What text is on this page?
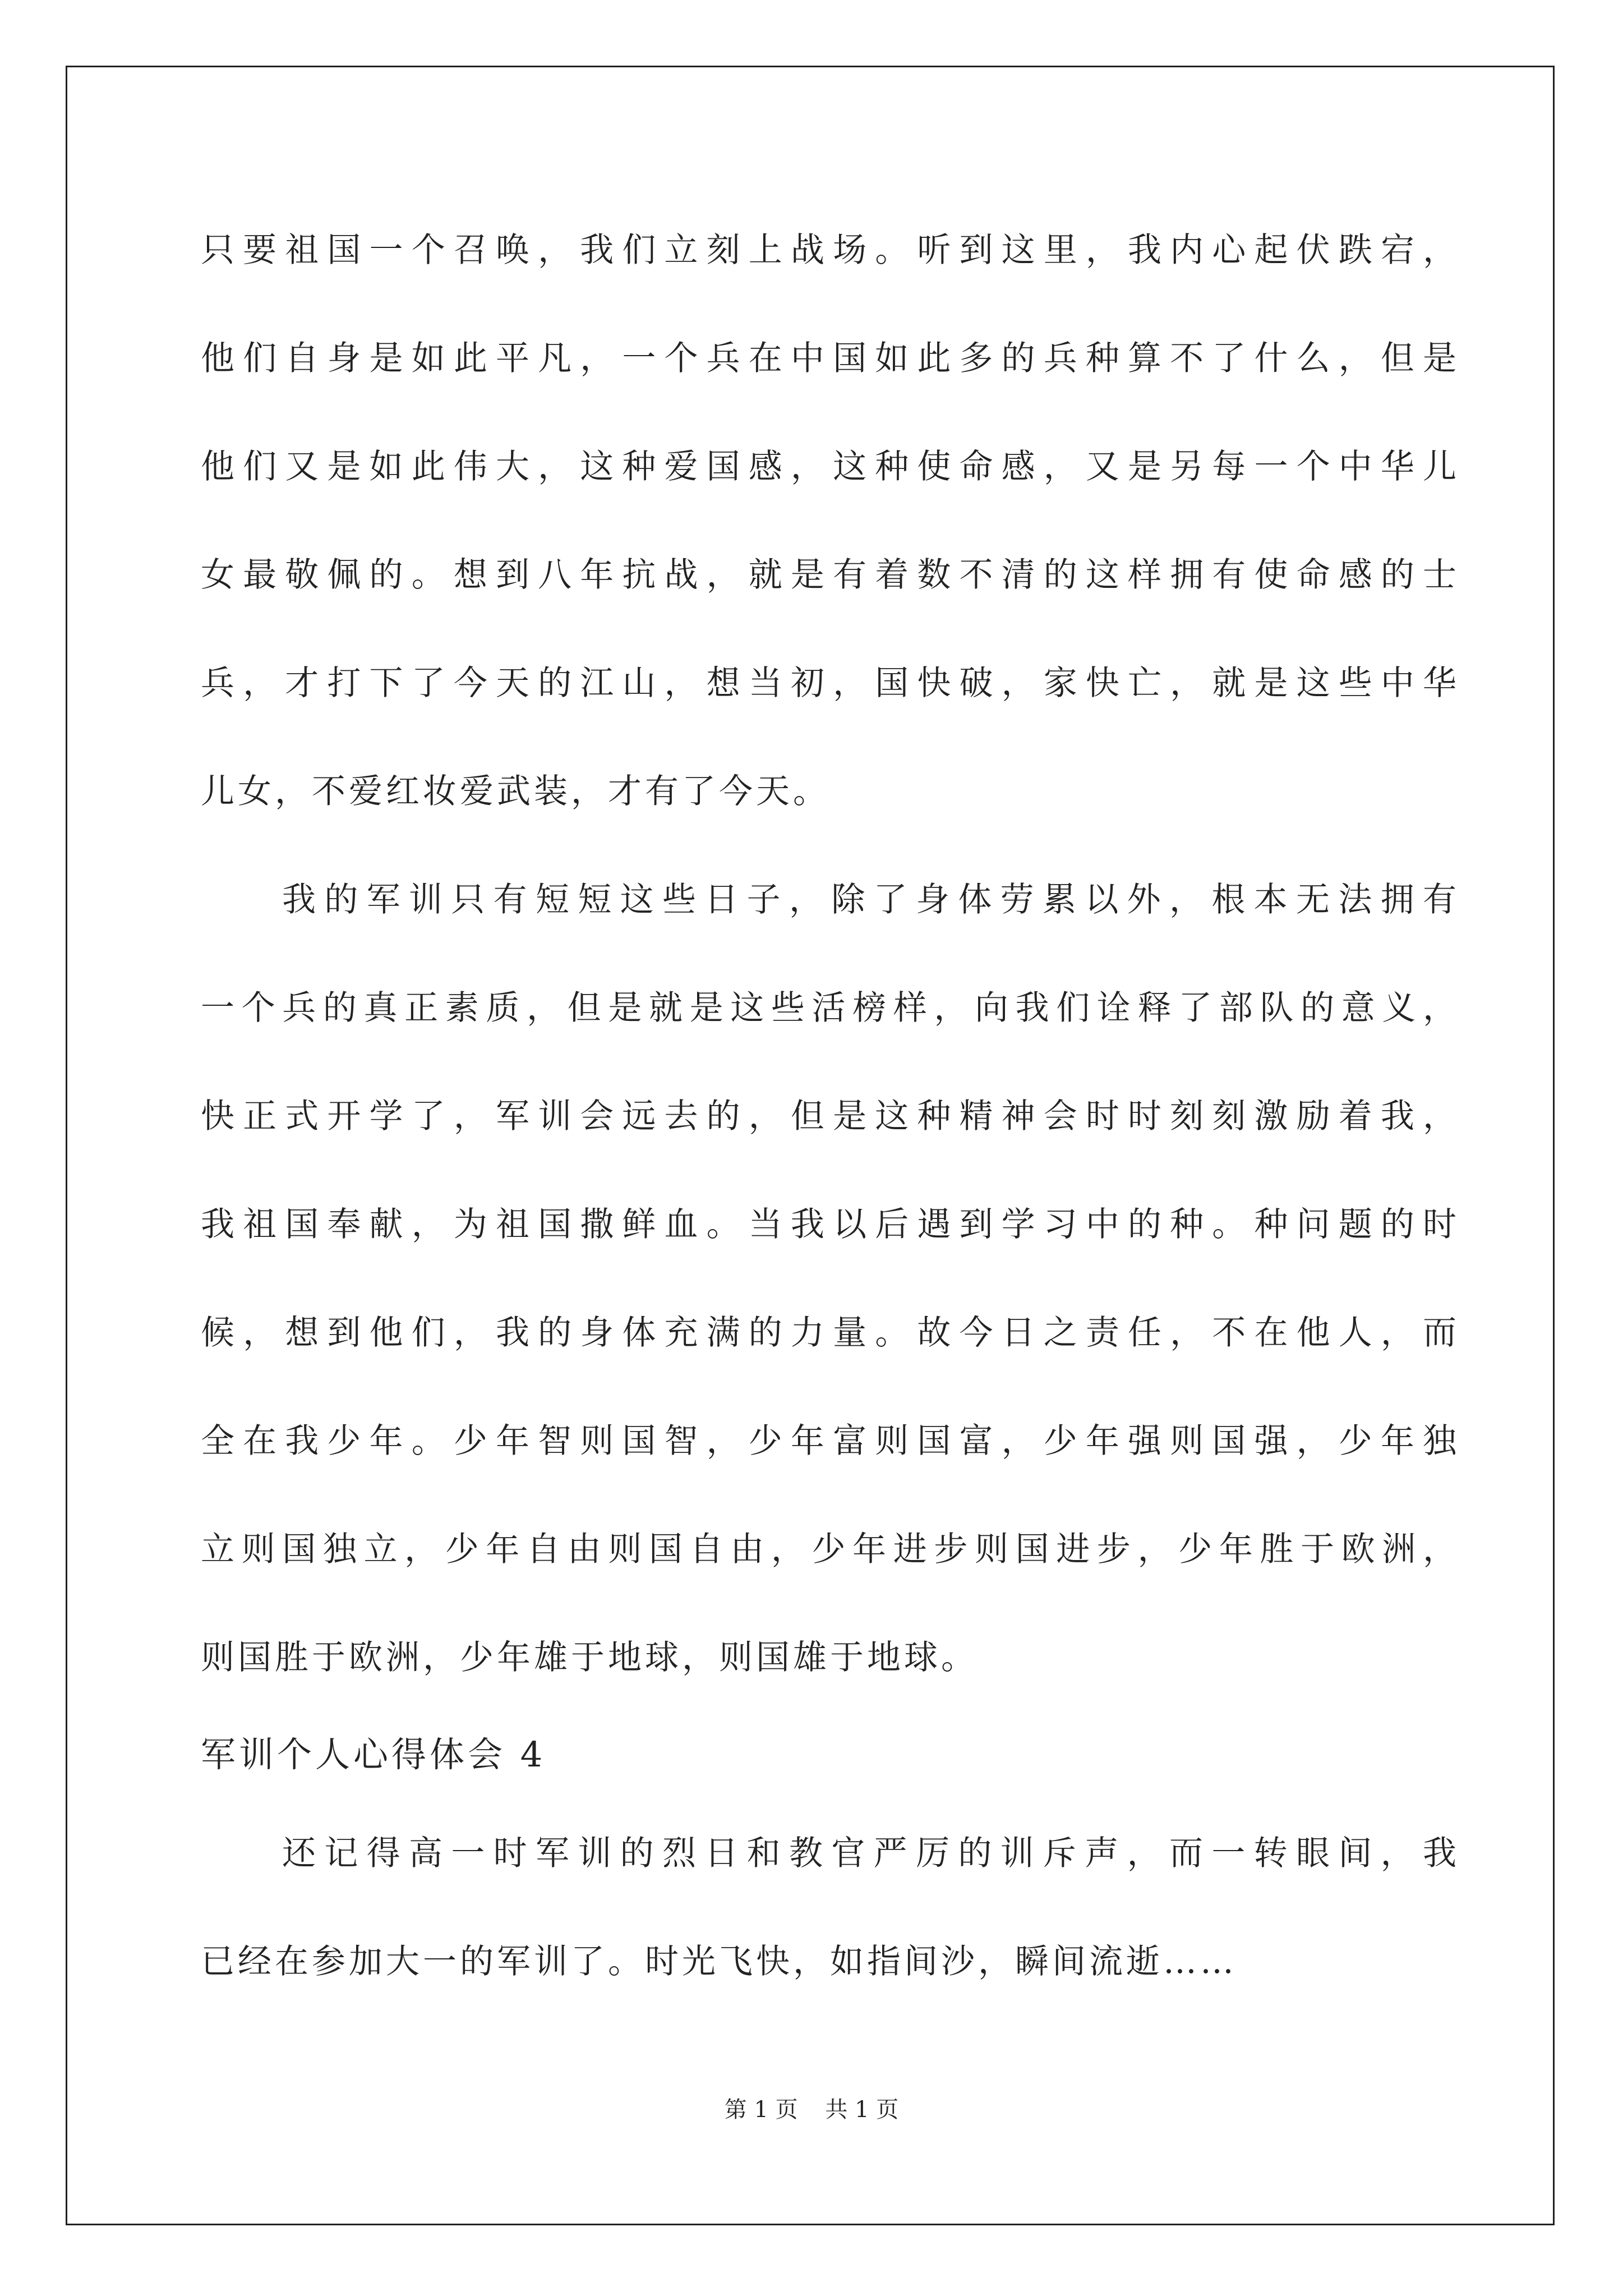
只要祖国一个召唤，我们立刻上战场。听到这里，我内心起伏跌宕，
他们自身是如此平凡，一个兵在中国如此多的兵种算不了什么，但是
他们又是如此伟大，这种爱国感，这种使命感，又是另每一个中华儿
女最敬佩的。想到八年抗战，就是有着数不清的这样拥有使命感的士
兵，才打下了今天的江山，想当初，国快破，家快亡，就是这些中华
儿女，不爱红妆爱武装，才有了今天。
我的军训只有短短这些日子，除了身体劳累以外，根本无法拥有
一个兵的真正素质，但是就是这些活榜样，向我们诠释了部队的意义，
快正式开学了，军训会远去的，但是这种精神会时时刻刻激励着我，
我祖国奉献，为祖国撒鲜血。当我以后遇到学习中的种。种问题的时
候，想到他们，我的身体充满的力量。故今日之责任，不在他人，而
全在我少年。少年智则国智，少年富则国富，少年强则国强，少年独
立则国独立，少年自由则国自由，少年进步则国进步，少年胜于欧洲，
则国胜于欧洲，少年雄于地球，则国雄于地球。
军训个人心得体会 4
还记得高一时军训的烈日和教官严厉的训斥声，而一转眼间，我
已经在参加大一的军训了。时光飞快，如指间沙，瞬间流逝……
第 1 页 共 1 页
